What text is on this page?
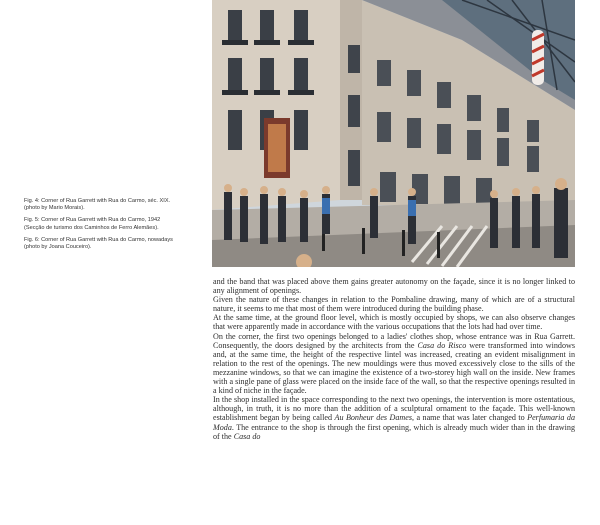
Fig. 4: Corner of Rua Garrett with Rua do Carmo, séc. XIX.
(photo by Mario Morais).

Fig. 5: Corner of Rua Garrett with Rua do Carmo, 1942
(Secção de turismo dos Caminhos de Ferro Alemães).

Fig. 6: Corner of Rua Garrett with Rua do Carmo, nowadays
(photo by Joana Couceiro).

and the band that was placed above them gains greater autonomy on the façade, since it is no longer linked to any alignment of openings.

Given the nature of these changes in relation to the Pombaline drawing, many of which are of a structural nature, it seems to me that most of them were introduced during the building phase.

At the same time, at the ground floor level, which is mostly occupied by shops, we can also observe changes that were apparently made in accordance with the various occupations that the lots had had over time.

On the corner, the first two openings belonged to a ladies' clothes shop, whose entrance was in Rua Garrett. Consequently, the doors designed by the architects from the Casa do Risco were transformed into windows and, at the same time, the height of the respective lintel was increased, creating an evident misalignment in relation to the rest of the openings. The new mouldings were thus moved excessively close to the sills of the mezzanine windows, so that we can imagine the existence of a two-storey high wall on the inside. New frames with a single pane of glass were placed on the inside face of the wall, so that the respective openings resulted in a kind of niche in the façade.

In the shop installed in the space corresponding to the next two openings, the intervention is more ostentatious, although, in truth, it is no more than the addition of a sculptural ornament to the façade. This well-known establishment began by being called Au Bonheur des Dames, a name that was later changed to Perfumaria da Moda. The entrance to the shop is through the first opening, which is already much wider than in the drawing of the Casa do
